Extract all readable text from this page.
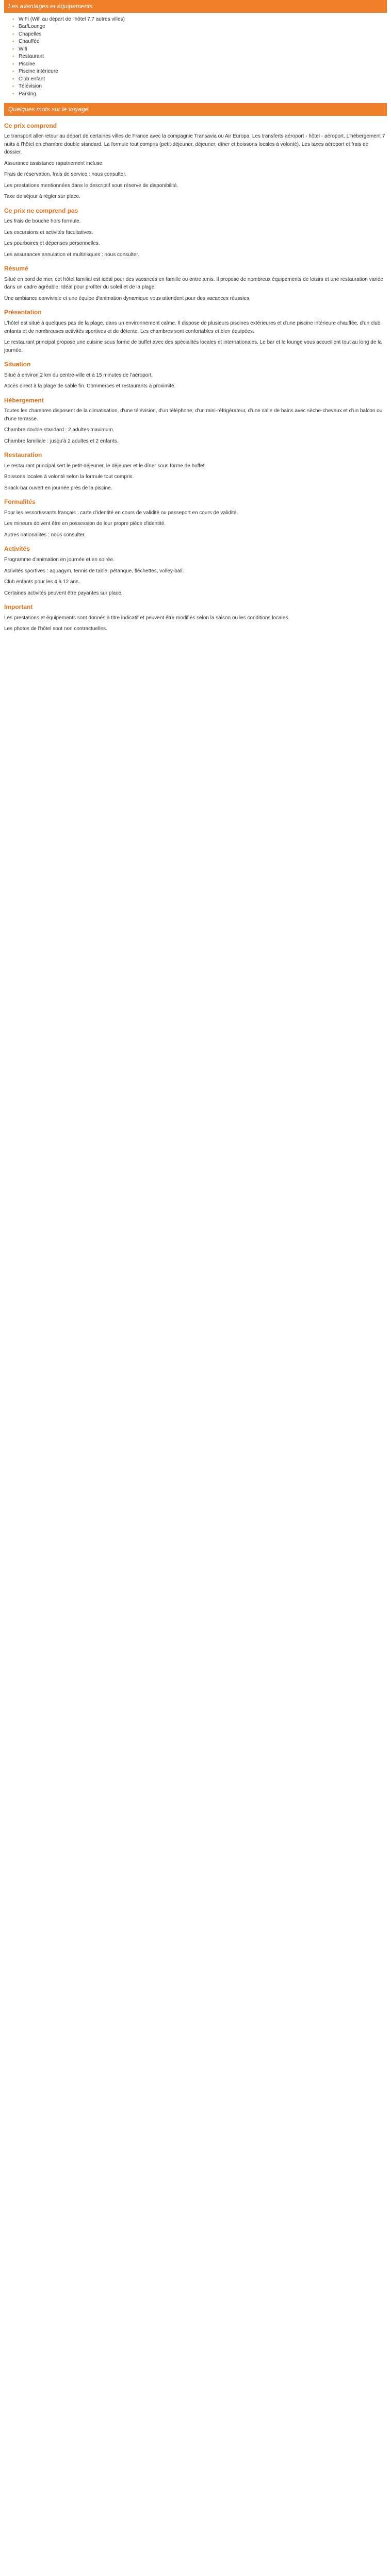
Les avantages et équipements
▪ WiFi (Wifi au départ de l'hôtel 7.7 autres villes)
▪ Bar/Lounge
▪ Chapelles
▪ Chauffée
▪ Wifi
▪ Restaurant
▪ Piscine
▪ Piscine intérieure
▪ Club enfant
▪ Télévision
▪ Parking
Quelques mots sur le voyage
Ce prix comprend

Le transport aller-retour au départ de certaines villes de France avec la compagnie Transavia ou Air Europa. Les transferts aéroport - hôtel - aéroport. L'hébergement 7 nuits à l'hôtel en chambre double standard. La formule tout compris (petit-déjeuner, déjeuner, dîner et boissons locales à volonté). Les taxes aéroport et frais de dossier.

Assurance assistance rapatriement incluse.

Frais de réservation, frais de service : nous consulter.

Les prestations mentionnées dans le descriptif sous réserve de disponibilité.

Taxe de séjour à régler sur place.

Ce prix ne comprend pas

Les frais de bouche hors formule.

Les excursions et activités facultatives.

Les pourboires et dépenses personnelles.

Les assurances annulation et multirisques : nous consulter.

Résumé

Situé en bord de mer, cet hôtel familial est idéal pour des vacances en famille ou entre amis. Il propose de nombreux équipements de loisirs et une restauration variée dans un cadre agréable. Idéal pour profiter du soleil et de la plage.

Une ambiance conviviale et une équipe d'animation dynamique vous attendent pour des vacances réussies.

Présentation

L'hôtel est situé à quelques pas de la plage, dans un environnement calme. Il dispose de plusieurs piscines extérieures et d'une piscine intérieure chauffée, d'un club enfants et de nombreuses activités sportives et de détente. Les chambres sont confortables et bien équipées.

Le restaurant principal propose une cuisine sous forme de buffet avec des spécialités locales et internationales. Le bar et le lounge vous accueillent tout au long de la journée.

Situation

Situé à environ 2 km du centre-ville et à 15 minutes de l'aéroport.

Accès direct à la plage de sable fin. Commerces et restaurants à proximité.

Hébergement

Toutes les chambres disposent de la climatisation, d'une télévision, d'un téléphone, d'un mini-réfrigérateur, d'une salle de bains avec sèche-cheveux et d'un balcon ou d'une terrasse.

Chambre double standard : 2 adultes maximum.

Chambre familiale : jusqu'à 2 adultes et 2 enfants.

Restauration

Le restaurant principal sert le petit-déjeuner, le déjeuner et le dîner sous forme de buffet.

Boissons locales à volonté selon la formule tout compris.

Snack-bar ouvert en journée près de la piscine.

Formalités

Pour les ressortissants français : carte d'identité en cours de validité ou passeport en cours de validité.

Les mineurs doivent être en possession de leur propre pièce d'identité.

Autres nationalités : nous consulter.

Activités

Programme d'animation en journée et en soirée.

Activités sportives : aquagym, tennis de table, pétanque, fléchettes, volley-ball.

Club enfants pour les 4 à 12 ans.

Certaines activités peuvent être payantes sur place.

Important

Les prestations et équipements sont donnés à titre indicatif et peuvent être modifiés selon la saison ou les conditions locales.

Les photos de l'hôtel sont non contractuelles.
